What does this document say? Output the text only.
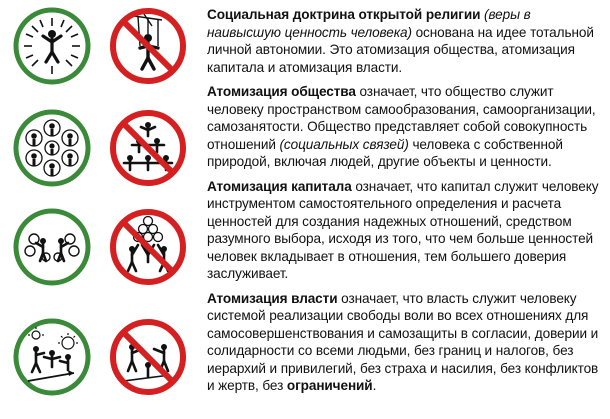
Социальная доктрина открытой религии (веры в наивысшую ценность человека) основана на идее тотальной личной автономии. Это атомизация общества, атомизация капитала и атомизация власти.

Атомизация общества означает, что общество служит человеку пространством самообразования, самоорганизации, самозанятости. Общество представляет собой совокупность отношений (социальных связей) человека с собственной природой, включая людей, другие объекты и ценности.

Атомизация капитала означает, что капитал служит человеку инструментом самостоятельного определения и расчета ценностей для создания надежных отношений, средством разумного выбора, исходя из того, что чем больше ценностей человек вкладывает в отношения, тем большего доверия заслуживает.

Атомизация власти означает, что власть служит человеку системой реализации свободы воли во всех отношениях для самосовершенствования и самозащиты в согласии, доверии и солидарности со всеми людьми, без границ и налогов, без иерархий и привилегий, без страха и насилия, без конфликтов и жертв, без ограничений.
